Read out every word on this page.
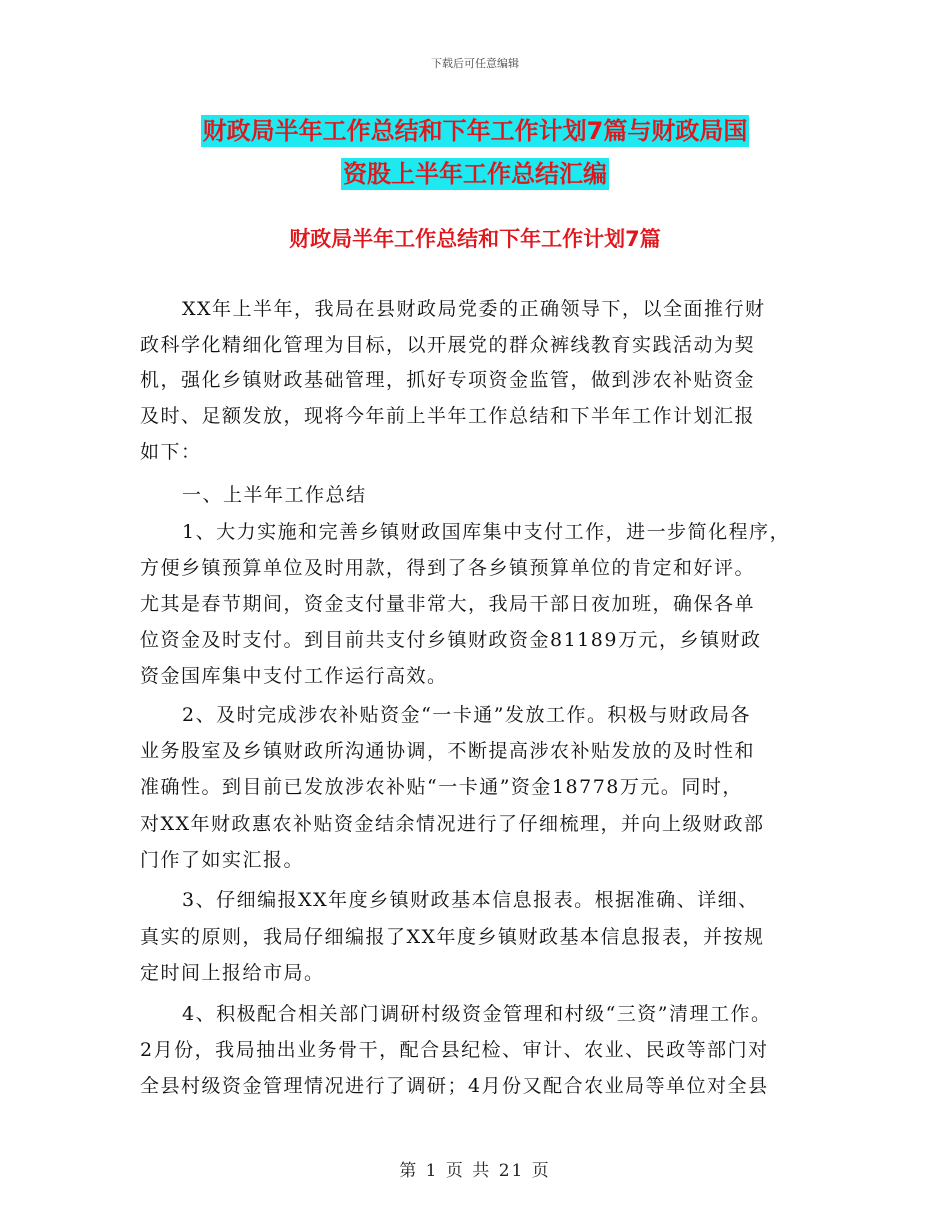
下载后可任意编辑
财政局半年工作总结和下年工作计划7篇与财政局国
资股上半年工作总结汇编
财政局半年工作总结和下年工作计划7篇
XX年上半年，我局在县财政局党委的正确领导下，以全面推行财
政科学化精细化管理为目标，以开展党的群众裤线教育实践活动为契
机，强化乡镇财政基础管理，抓好专项资金监管，做到涉农补贴资金
及时、足额发放，现将今年前上半年工作总结和下半年工作计划汇报
如下：
一、上半年工作总结
1、大力实施和完善乡镇财政国库集中支付工作，进一步简化程序，
方便乡镇预算单位及时用款，得到了各乡镇预算单位的肯定和好评。
尤其是春节期间，资金支付量非常大，我局干部日夜加班，确保各单
位资金及时支付。到目前共支付乡镇财政资金81189万元，乡镇财政
资金国库集中支付工作运行高效。
2、及时完成涉农补贴资金“一卡通”发放工作。积极与财政局各
业务股室及乡镇财政所沟通协调，不断提高涉农补贴发放的及时性和
准确性。到目前已发放涉农补贴“一卡通”资金18778万元。同时，
对XX年财政惠农补贴资金结余情况进行了仔细梳理，并向上级财政部
门作了如实汇报。
3、仔细编报XX年度乡镇财政基本信息报表。根据准确、详细、
真实的原则，我局仔细编报了XX年度乡镇财政基本信息报表，并按规
定时间上报给市局。
4、积极配合相关部门调研村级资金管理和村级“三资”清理工作。
2月份，我局抽出业务骨干，配合县纪检、审计、农业、民政等部门对
全县村级资金管理情况进行了调研；4月份又配合农业局等单位对全县
第 1 页 共 21 页
